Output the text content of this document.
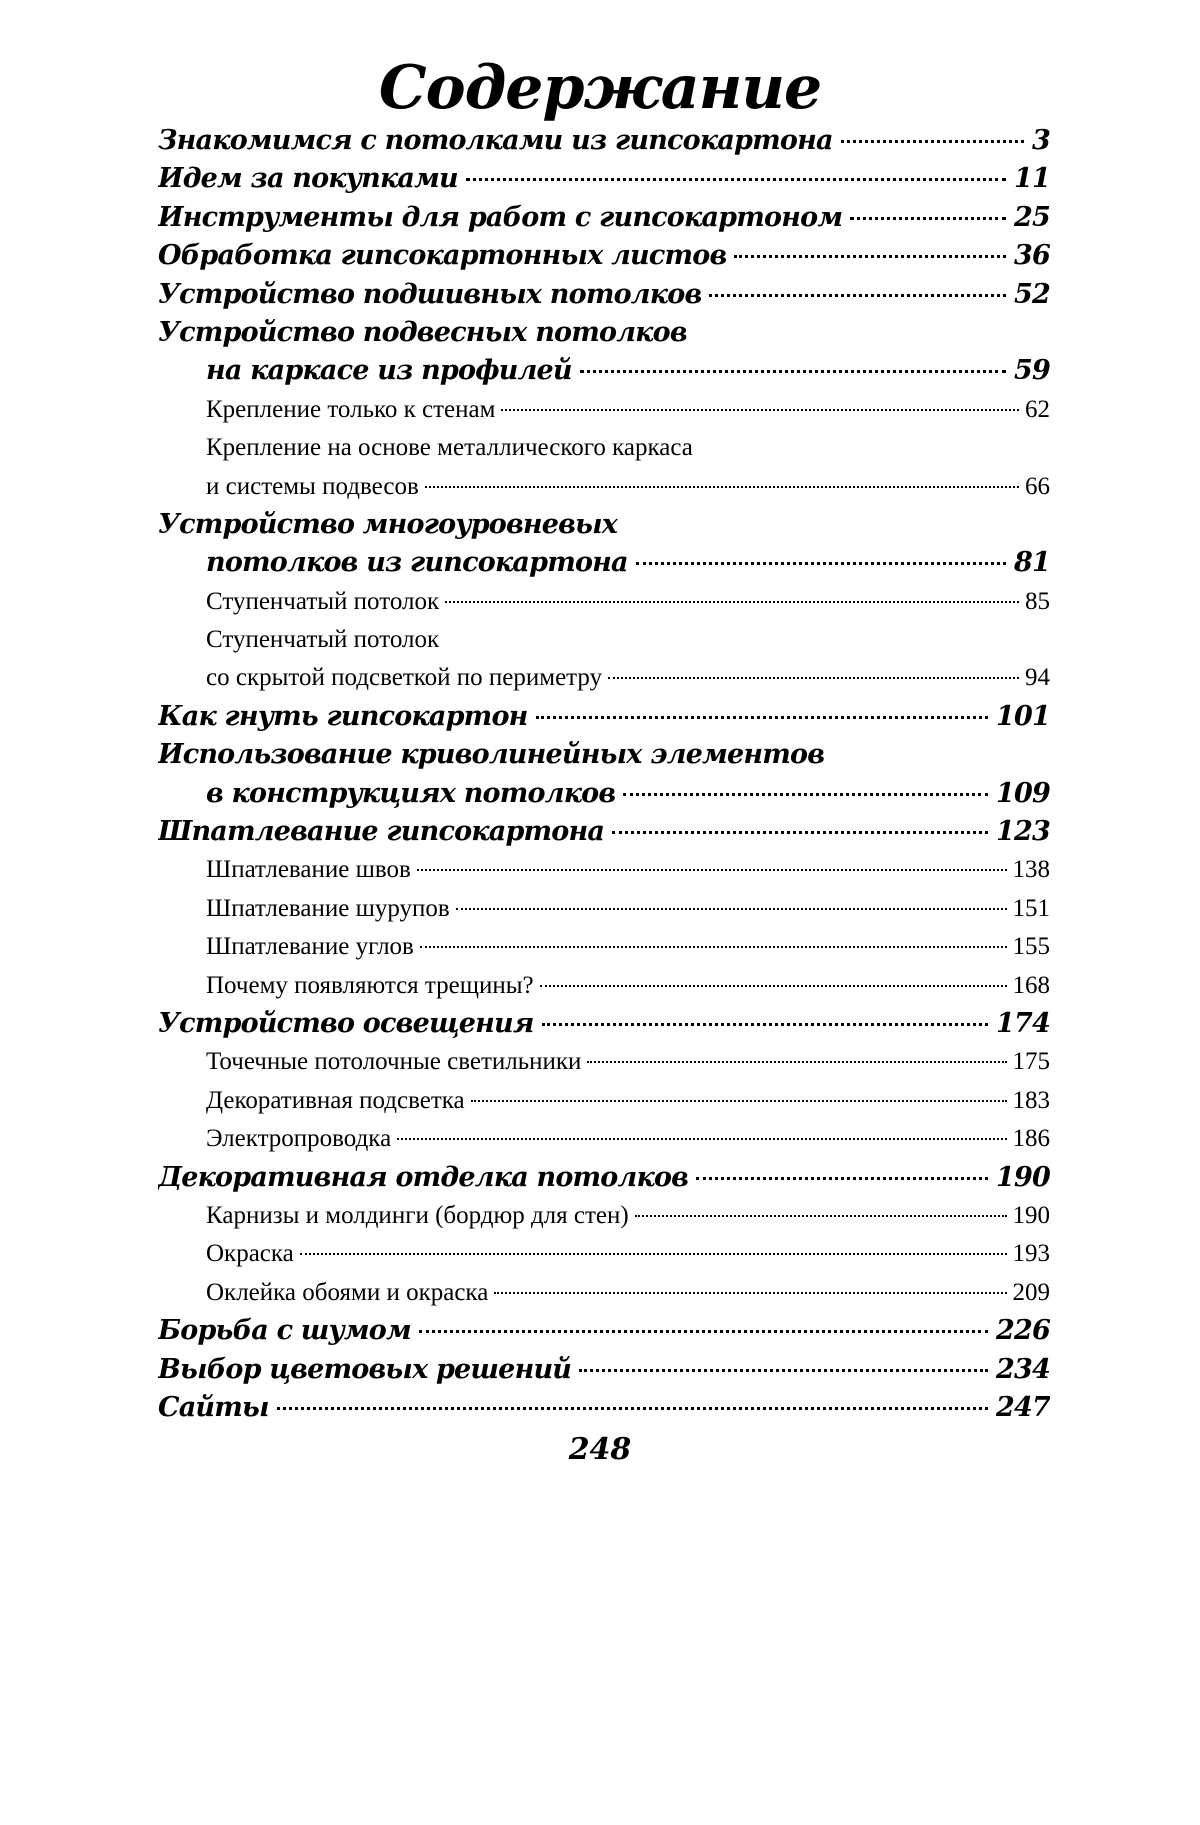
Содержание
Знакомимся с потолками из гипсокартона	3
Идем за покупками	11
Инструменты для работ с гипсокартоном	25
Обработка гипсокартонных листов	36
Устройство подшивных потолков	52
Устройство подвесных потолков
на каркасе из профилей	59
Крепление только к стенам	62
Крепление на основе металлического каркаса
и системы подвесов	66
Устройство многоуровневых
потолков из гипсокартона	81
Ступенчатый потолок	85
Ступенчатый потолок
со скрытой подсветкой по периметру	94
Как гнуть гипсокартон	101
Использование криволинейных элементов
в конструкциях потолков	109
Шпатлевание гипсокартона	123
Шпатлевание швов	138
Шпатлевание шурупов	151
Шпатлевание углов	155
Почему появляются трещины?	168
Устройство освещения	174
Точечные потолочные светильники	175
Декоративная подсветка	183
Электропроводка	186
Декоративная отделка потолков	190
Карнизы и молдинги (бордюр для стен)	190
Окраска	193
Оклейка обоями и окраска	209
Борьба с шумом	226
Выбор цветовых решений	234
Сайты	247
248
